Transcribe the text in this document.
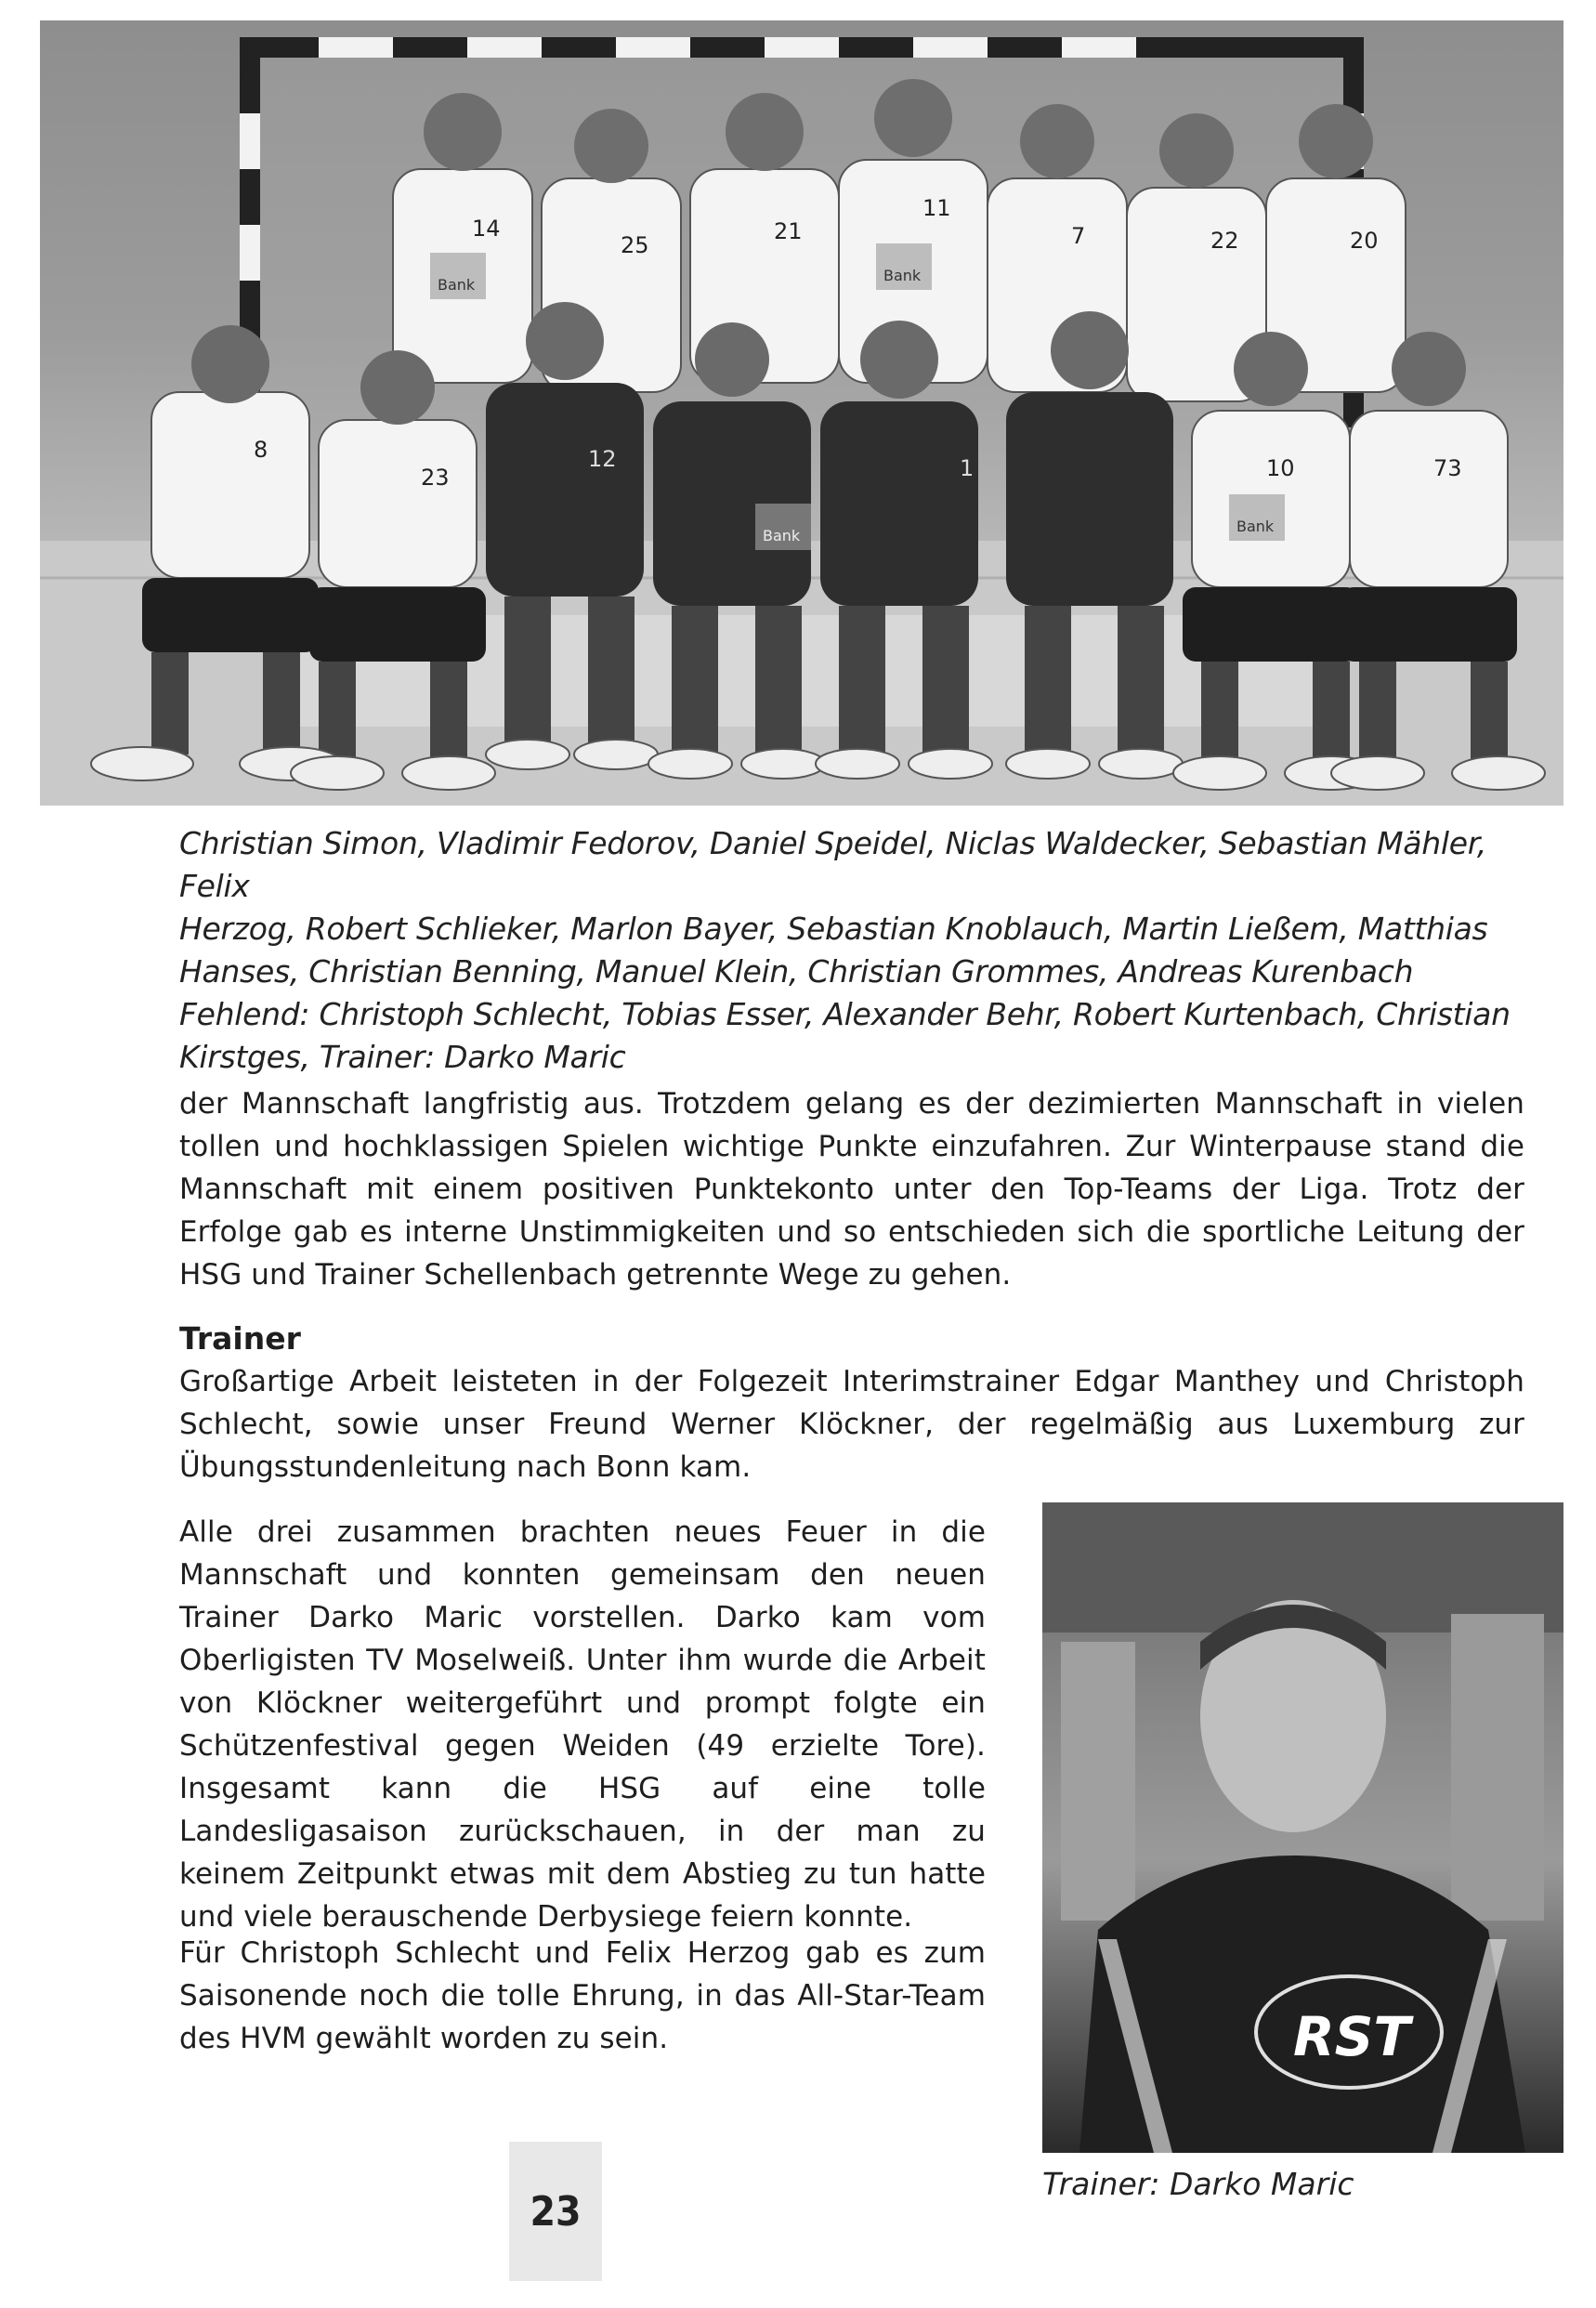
14
25
21
11
7	22	20
8
23
12	1	10	73
Bank
Bank
Bank
Bank
Christian Simon, Vladimir Fedorov, Daniel Speidel, Niclas Waldecker, Sebastian Mähler, Felix
Herzog, Robert Schlieker, Marlon Bayer, Sebastian Knoblauch, Martin Ließem, Matthias
Hanses, Christian Benning, Manuel Klein, Christian Grommes, Andreas Kurenbach
Fehlend: Christoph Schlecht, Tobias Esser, Alexander Behr, Robert Kurtenbach, Christian
Kirstges, Trainer: Darko Maric

der Mannschaft langfristig aus. Trotzdem gelang es der dezimierten Mannschaft in vielen tollen und hochklassigen Spielen wichtige Punkte einzufahren. Zur Winterpause stand die Mannschaft mit einem positiven Punktekonto unter den Top-Teams der Liga. Trotz der Erfolge gab es interne Unstimmigkeiten und so entschieden sich die sportliche Leitung der HSG und Trainer Schellenbach getrennte Wege zu gehen.

Trainer

Großartige Arbeit leisteten in der Folgezeit Interimstrainer Edgar Manthey und Christoph Schlecht, sowie unser Freund Werner Klöckner, der regelmäßig aus Luxemburg zur Übungsstundenleitung nach Bonn kam.

Alle drei zusammen brachten neues Feuer in die Mannschaft und konnten gemeinsam den neuen Trainer Darko Maric vorstellen. Darko kam vom Oberligisten TV Moselweiß. Unter ihm wurde die Arbeit von Klöckner weitergeführt und prompt folgte ein Schützenfestival gegen Weiden (49 erzielte Tore). Insgesamt kann die HSG auf eine tolle Landesligasaison zurückschauen, in der man zu keinem Zeitpunkt etwas mit dem Abstieg zu tun hatte und viele berauschende Derbysiege feiern konnte.

Für Christoph Schlecht und Felix Herzog gab es zum Saisonende noch die tolle Ehrung, in das All-Star-Team des HVM gewählt worden zu sein.	RST
Trainer: Darko Maric
23
